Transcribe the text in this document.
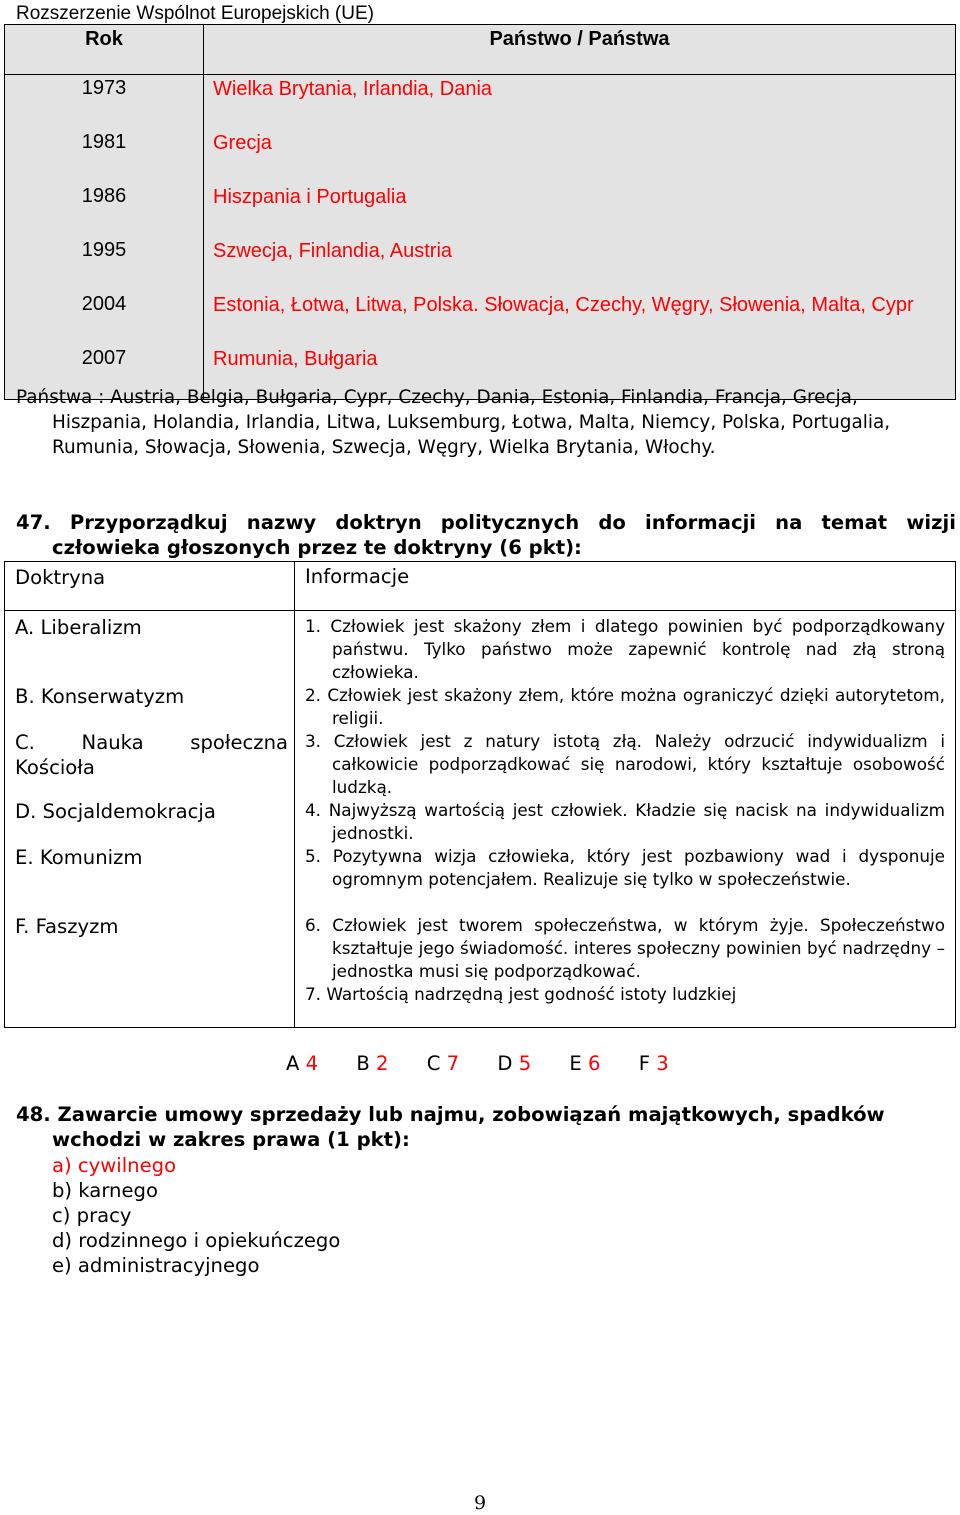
Rozszerzenie Wspólnot Europejskich (UE)
Rok	Państwo / Państwa
1973	Wielka Brytania, Irlandia, Dania
1981	Grecja
1986	Hiszpania i Portugalia
1995	Szwecja, Finlandia, Austria
2004	Estonia, Łotwa, Litwa, Polska. Słowacja, Czechy, Węgry, Słowenia, Malta, Cypr
2007	Rumunia, Bułgaria
Państwa : Austria, Belgia, Bułgaria, Cypr, Czechy, Dania, Estonia, Finlandia, Francja, Grecja, Hiszpania, Holandia, Irlandia, Litwa, Luksemburg, Łotwa, Malta, Niemcy, Polska, Portugalia, Rumunia, Słowacja, Słowenia, Szwecja, Węgry, Wielka Brytania, Włochy.
47. Przyporządkuj nazwy doktryn politycznych do informacji na temat wizji człowieka głoszonych przez te doktryny (6 pkt):
Doktryna	Informacje
A. Liberalizm	1. Człowiek jest skażony złem i dlatego powinien być podporządkowany państwu. Tylko państwo może zapewnić kontrolę nad złą stroną człowieka.

B. Konserwatyzm	2. Człowiek jest skażony złem, które można ograniczyć dzięki autorytetom, religii.

C. Nauka społeczna Kościoła	3. Człowiek jest z natury istotą złą. Należy odrzucić indywidualizm i całkowicie podporządkować się narodowi, który kształtuje osobowość ludzką.

D. Socjaldemokracja	4. Najwyższą wartością jest człowiek. Kładzie się nacisk na indywidualizm jednostki.

E. Komunizm	5. Pozytywna wizja człowieka, który jest pozbawiony wad i dysponuje ogromnym potencjałem. Realizuje się tylko w społeczeństwie.

F. Faszyzm	6. Człowiek jest tworem społeczeństwa, w którym żyje. Społeczeństwo kształtuje jego świadomość. interes społeczny powinien być nadrzędny – jednostka musi się podporządkować.

	7. Wartością nadrzędną jest godność istoty ludzkiej
A 4 B 2 C 7 D 5 E 6 F 3
48. Zawarcie umowy sprzedaży lub najmu, zobowiązań majątkowych, spadków wchodzi w zakres prawa (1 pkt):
a) cywilnego
b) karnego
c) pracy
d) rodzinnego i opiekuńczego
e) administracyjnego
9
